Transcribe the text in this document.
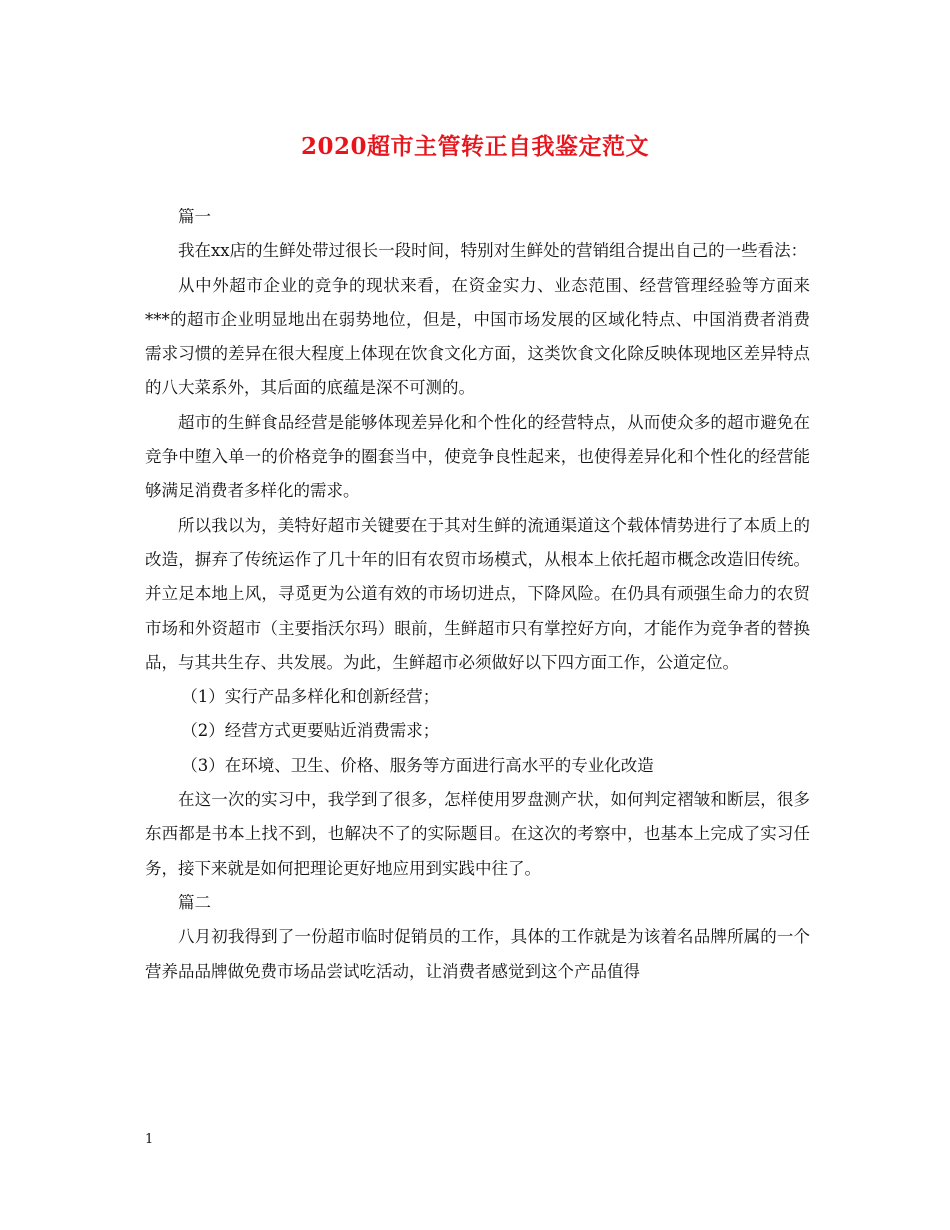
2020超市主管转正自我鉴定范文

篇一

我在xx店的生鲜处带过很长一段时间，特别对生鲜处的营销组合提出自己的一些看法：

从中外超市企业的竞争的现状来看，在资金实力、业态范围、经营管理经验等方面来***的超市企业明显地出在弱势地位，但是，中国市场发展的区域化特点、中国消费者消费需求习惯的差异在很大程度上体现在饮食文化方面，这类饮食文化除反映体现地区差异特点的八大菜系外，其后面的底蕴是深不可测的。

超市的生鲜食品经营是能够体现差异化和个性化的经营特点，从而使众多的超市避免在竞争中堕入单一的价格竞争的圈套当中，使竞争良性起来，也使得差异化和个性化的经营能够满足消费者多样化的需求。

所以我以为，美特好超市关键要在于其对生鲜的流通渠道这个载体情势进行了本质上的改造，摒弃了传统运作了几十年的旧有农贸市场模式，从根本上依托超市概念改造旧传统。并立足本地上风，寻觅更为公道有效的市场切进点，下降风险。在仍具有顽强生命力的农贸市场和外资超市（主要指沃尔玛）眼前，生鲜超市只有掌控好方向，才能作为竞争者的替换品，与其共生存、共发展。为此，生鲜超市必须做好以下四方面工作，公道定位。

（1）实行产品多样化和创新经营；

（2）经营方式更要贴近消费需求；

（3）在环境、卫生、价格、服务等方面进行高水平的专业化改造

在这一次的实习中，我学到了很多，怎样使用罗盘测产状，如何判定褶皱和断层，很多东西都是书本上找不到，也解决不了的实际题目。在这次的考察中，也基本上完成了实习任务，接下来就是如何把理论更好地应用到实践中往了。

篇二

八月初我得到了一份超市临时促销员的工作，具体的工作就是为该着名品牌所属的一个营养品品牌做免费市场品尝试吃活动，让消费者感觉到这个产品值得

1
